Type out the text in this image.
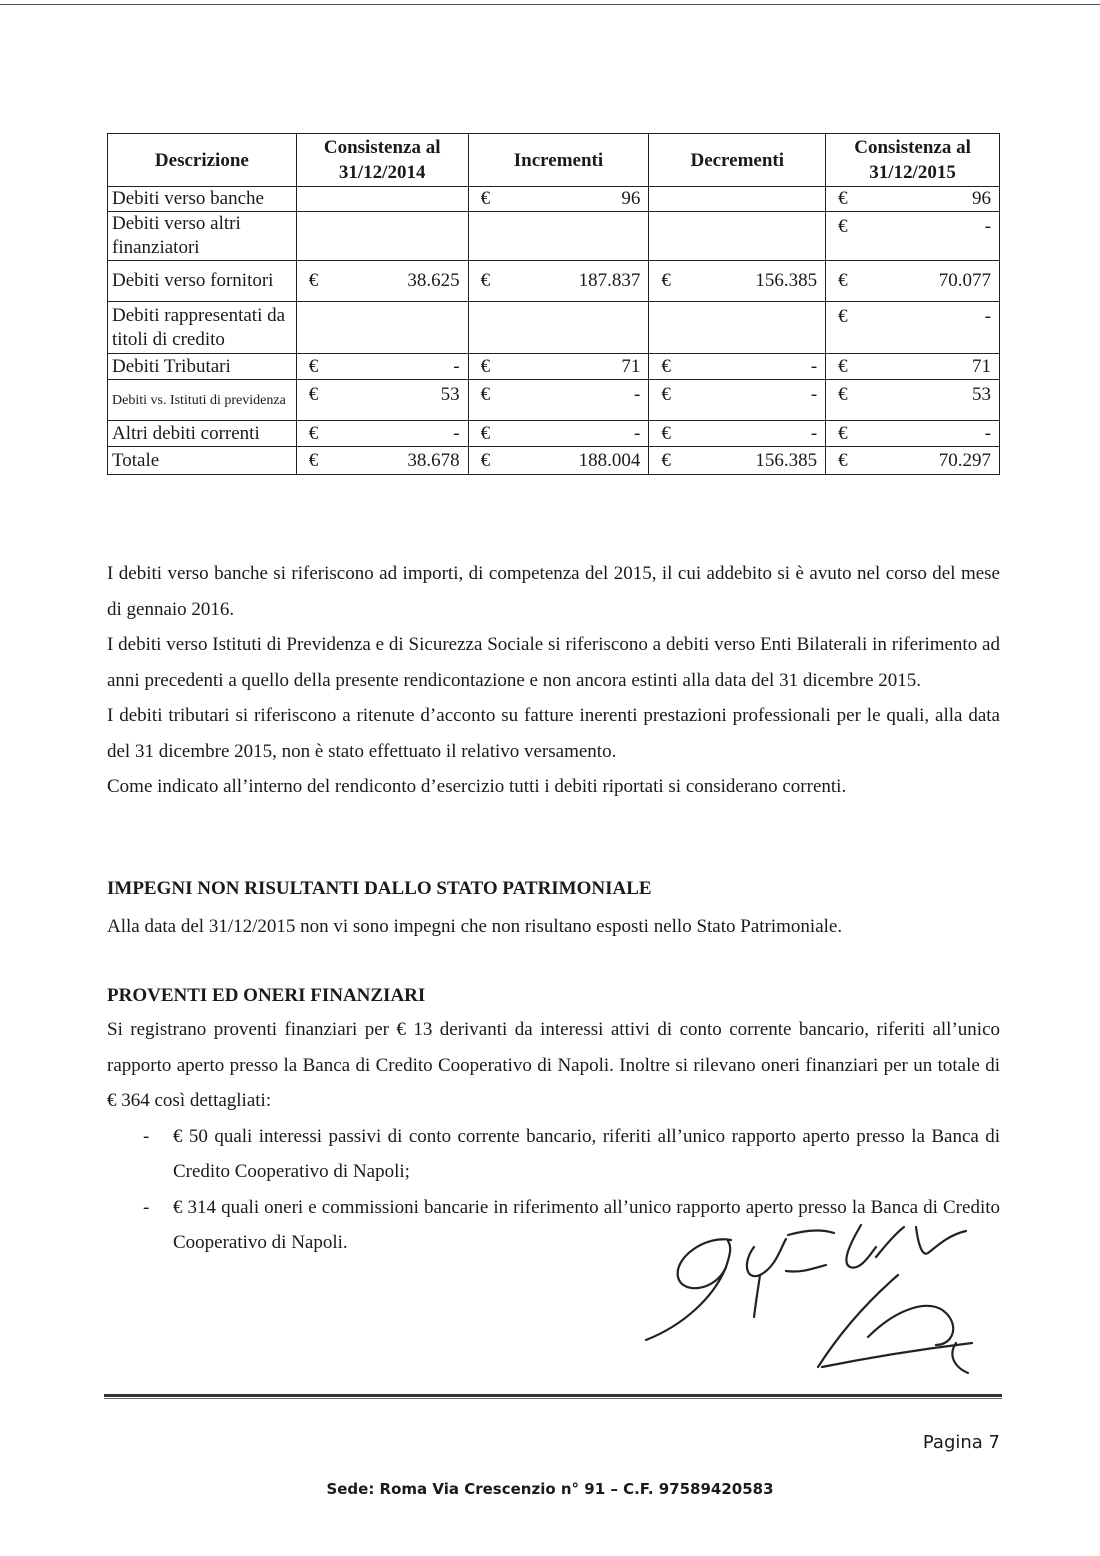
Descrizione	Consistenza al 31/12/2014	Incrementi	Decrementi	Consistenza al 31/12/2015
Debiti verso banche		€ 96		€ 96

Debiti verso altri finanziatori				€ -

Debiti verso fornitori	€ 38.625	€ 187.837	€ 156.385	€ 70.077

Debiti rappresentati da titoli di credito				€ -

Debiti Tributari	€ -	€ 71	€ -	€ 71

Debiti vs. Istituti di previdenza	€ 53	€ -	€ -	€ 53

Altri debiti correnti	€ -	€ -	€ -	€ -

Totale	€ 38.678	€ 188.004	€ 156.385	€ 70.297

I debiti verso banche si riferiscono ad importi, di competenza del 2015, il cui addebito si è avuto nel corso del mese di gennaio 2016.

I debiti verso Istituti di Previdenza e di Sicurezza Sociale si riferiscono a debiti verso Enti Bilaterali in riferimento ad anni precedenti a quello della presente rendicontazione e non ancora estinti alla data del 31 dicembre 2015.

I debiti tributari si riferiscono a ritenute d’acconto su fatture inerenti prestazioni professionali per le quali, alla data del 31 dicembre 2015, non è stato effettuato il relativo versamento.

Come indicato all’interno del rendiconto d’esercizio tutti i debiti riportati si considerano correnti.

IMPEGNI NON RISULTANTI DALLO STATO PATRIMONIALE

Alla data del 31/12/2015 non vi sono impegni che non risultano esposti nello Stato Patrimoniale.

PROVENTI ED ONERI FINANZIARI

Si registrano proventi finanziari per € 13 derivanti da interessi attivi di conto corrente bancario, riferiti all’unico rapporto aperto presso la Banca di Credito Cooperativo di Napoli. Inoltre si rilevano oneri finanziari per un totale di € 364 così dettagliati:

- € 50 quali interessi passivi di conto corrente bancario, riferiti all’unico rapporto aperto presso la Banca di Credito Cooperativo di Napoli;
- € 314 quali oneri e commissioni bancarie in riferimento all’unico rapporto aperto presso la Banca di Credito Cooperativo di Napoli.
Pagina 7
Sede: Roma Via Crescenzio n° 91 – C.F. 97589420583
